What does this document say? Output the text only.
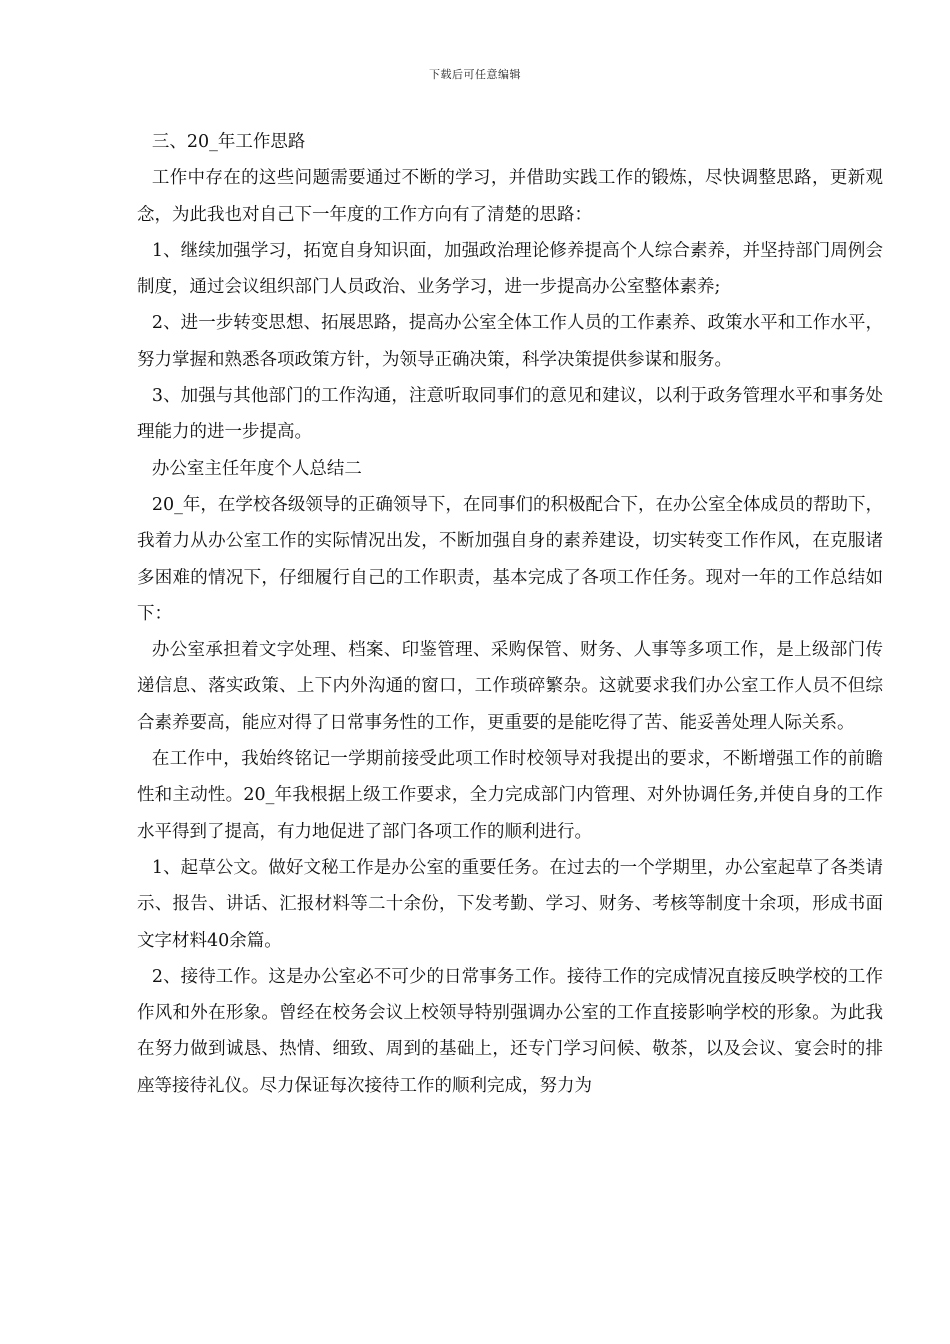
下载后可任意编辑

三、20_年工作思路

工作中存在的这些问题需要通过不断的学习，并借助实践工作的锻炼，尽快调整思路，更新观念，为此我也对自己下一年度的工作方向有了清楚的思路：

1、继续加强学习，拓宽自身知识面，加强政治理论修养提高个人综合素养，并坚持部门周例会制度，通过会议组织部门人员政治、业务学习，进一步提高办公室整体素养;

2、进一步转变思想、拓展思路，提高办公室全体工作人员的工作素养、政策水平和工作水平，努力掌握和熟悉各项政策方针，为领导正确决策，科学决策提供参谋和服务。

3、加强与其他部门的工作沟通，注意听取同事们的意见和建议，以利于政务管理水平和事务处理能力的进一步提高。

办公室主任年度个人总结二

20_年，在学校各级领导的正确领导下，在同事们的积极配合下，在办公室全体成员的帮助下，我着力从办公室工作的实际情况出发，不断加强自身的素养建设，切实转变工作作风，在克服诸多困难的情况下，仔细履行自己的工作职责，基本完成了各项工作任务。现对一年的工作总结如下：

办公室承担着文字处理、档案、印鉴管理、采购保管、财务、人事等多项工作，是上级部门传递信息、落实政策、上下内外沟通的窗口，工作琐碎繁杂。这就要求我们办公室工作人员不但综合素养要高，能应对得了日常事务性的工作，更重要的是能吃得了苦、能妥善处理人际关系。

在工作中，我始终铭记一学期前接受此项工作时校领导对我提出的要求，不断增强工作的前瞻性和主动性。20_年我根据上级工作要求，全力完成部门内管理、对外协调任务,并使自身的工作水平得到了提高，有力地促进了部门各项工作的顺利进行。

1、起草公文。做好文秘工作是办公室的重要任务。在过去的一个学期里，办公室起草了各类请示、报告、讲话、汇报材料等二十余份，下发考勤、学习、财务、考核等制度十余项，形成书面文字材料40余篇。

2、接待工作。这是办公室必不可少的日常事务工作。接待工作的完成情况直接反映学校的工作作风和外在形象。曾经在校务会议上校领导特别强调办公室的工作直接影响学校的形象。为此我在努力做到诚恳、热情、细致、周到的基础上，还专门学习问候、敬茶，以及会议、宴会时的排座等接待礼仪。尽力保证每次接待工作的顺利完成，努力为
